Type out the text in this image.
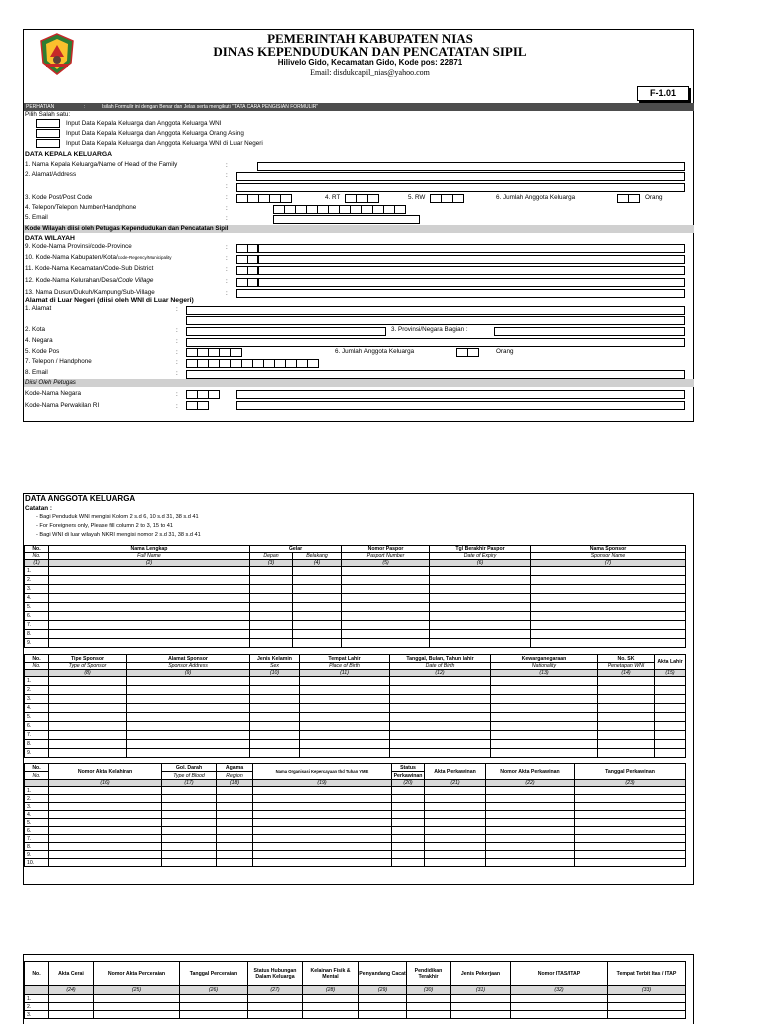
PEMERINTAH KABUPATEN NIAS
DINAS KEPENDUDUKAN DAN PENCATATAN SIPIL
Hilivelo Gido, Kecamatan Gido, Kode pos: 22871
Email: disdukcapil_nias@yahoo.com
F-1.01
PERHATIAN	:	Isilah Formulir ini dengan Benar dan Jelas serta mengikuti "TATA CARA PENGISIAN FORMULIR"
Pilih Salah satu:
Input Data Kepala Keluarga dan Anggota Keluarga WNI
Input Data Kepala Keluarga dan Anggota Keluarga Orang Asing
Input Data Kepala Keluarga dan Anggota Keluarga WNI di Luar Negeri
DATA KEPALA KELUARGA
1. Nama Kepala Keluarga/Name of Head of the Family	:
2. Alamat/Address	:
:
3. Kode Post/Post Code	:	4. RT	5. RW	6. Jumlah Anggota Keluarga	Orang
4. Telepon/Telepon Number/Handphone	:
5. Email	:
Kode Wilayah diisi oleh Petugas Kependudukan dan Pencatatan Sipil
DATA WILAYAH
9. Kode-Nama Provinsi/code-Province	:
10. Kode-Nama Kabupaten/Kota/code-Regency/Municipality	:
11. Kode-Nama Kecamatan/Code-Sub District	:
12. Kode-Nama Kelurahan/Desa/Code Village	:
13. Nama Dusun/Dukuh/Kampung/Sub-Village	:
Alamat di Luar Negeri (diisi oleh WNI di Luar Negeri)
1. Alamat	:
2. Kota	:	3. Provinsi/Negara Bagian :
4. Negara	:
5. Kode Pos	:	6. Jumlah Anggota Keluarga	Orang
7. Telepon / Handphone	:
8. Email	:
Diisi Oleh Petugas
Kode-Nama Negara	:
Kode-Nama Perwakilan RI	:
DATA ANGGOTA KELUARGA
Catatan :
- Bagi Penduduk WNI mengisi Kolom 2 s.d 6, 10 s.d 31, 38 s.d 41
- For Foreigners only, Please fill column 2 to 3, 15 to 41
- Bagi WNI di luar wilayah NKRI mengisi nomor 2 s.d 31, 38 s.d 41
No.	Nama Lengkap	Gelar		Nomor Paspor	Tgl Berakhir Paspor	Nama Sponsor
No.	Full Name	Depan	Belakang	Pasport Number	Date of Expiry	Sponsor Name
(1)	(2)	(3)	(4)	(5)	(6)	(7)
1.						
2.						
3.						
4.						
5.						
6.						
7.						
8.						
9.						
No.	Tipe Sponsor	Alamat Sponsor	Jenis Kelamin	Tempat Lahir	Tanggal, Bulan, Tahun lahir	Kewarganegaraan	No. SK	Akta Lahir
No.	Type of Sponsor	Sponsor Address	Sex	Place of Birth	Date of Birth	Nationality	Penetapan WNI	
	(8)	(9)	(10)	(11)	(12)	(13)	(14)	(15)
1.								
2.								
3.								
4.								
5.								
6.								
7.								
8.								
9.								
No.	Nomor Akta Kelahiran	Gol. Darah	Agama	Nama Organisasi Kepercayaan thd Tuhan YME	Status	Akta Perkawinan	Nomor Akta Perkawinan	Tanggal Perkawinan
No.		Type of Blood	Region		Perkawinan			
	(16)	(17)	(18)	(19)	(20)	(21)	(22)	(23)
1.								
2.								
3.								
4.								
5.								
6.								
7.								
8.								
9.								
10.								
No.	Akta Cerai	Nomor Akta Perceraian	Tanggal Perceraian	Status Hubungan Dalam Keluarga	Kelainan Fisik & Mental	Penyandang Cacat	Pendidikan Terakhir	Jenis Pekerjaan	Nomor ITAS/ITAP	Tempat Terbit Itas / ITAP
	(24)	(25)	(26)	(27)	(28)	(29)	(30)	(31)	(32)	(33)
1.										
2.										
3.										
